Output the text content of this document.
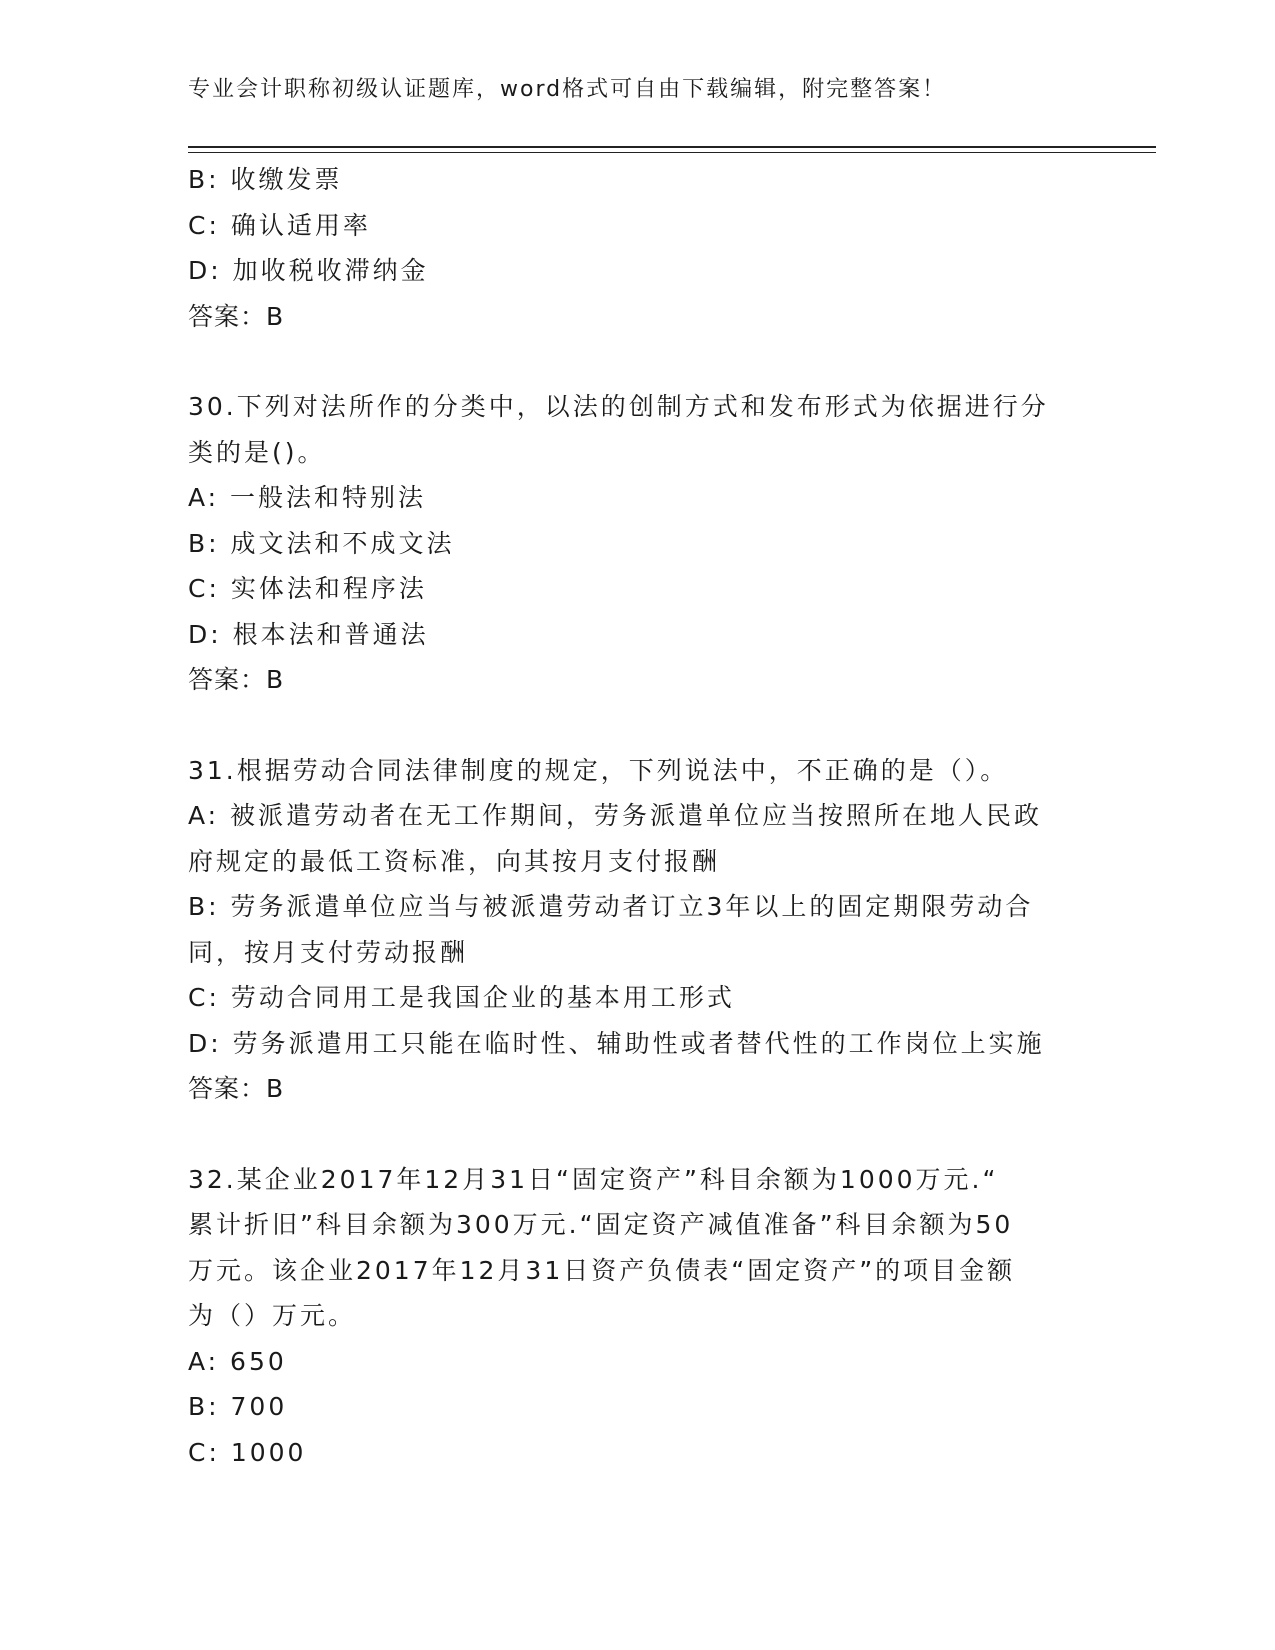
专业会计职称初级认证题库，word格式可自由下载编辑，附完整答案！
B: 收缴发票
C: 确认适用率
D: 加收税收滞纳金
答案：B
30.下列对法所作的分类中，以法的创制方式和发布形式为依据进行分
类的是()。
A: 一般法和特别法
B: 成文法和不成文法
C: 实体法和程序法
D: 根本法和普通法
答案：B
31.根据劳动合同法律制度的规定，下列说法中，不正确的是（）。
A: 被派遣劳动者在无工作期间，劳务派遣单位应当按照所在地人民政
府规定的最低工资标准，向其按月支付报酬
B: 劳务派遣单位应当与被派遣劳动者订立3年以上的固定期限劳动合
同，按月支付劳动报酬
C: 劳动合同用工是我国企业的基本用工形式
D: 劳务派遣用工只能在临时性、辅助性或者替代性的工作岗位上实施
答案：B
32.某企业2017年12月31日“固定资产”科目余额为1000万元.“
累计折旧”科目余额为300万元.“固定资产减值准备”科目余额为50
万元。该企业2017年12月31日资产负债表“固定资产”的项目金额
为（）万元。
A: 650
B: 700
C: 1000
